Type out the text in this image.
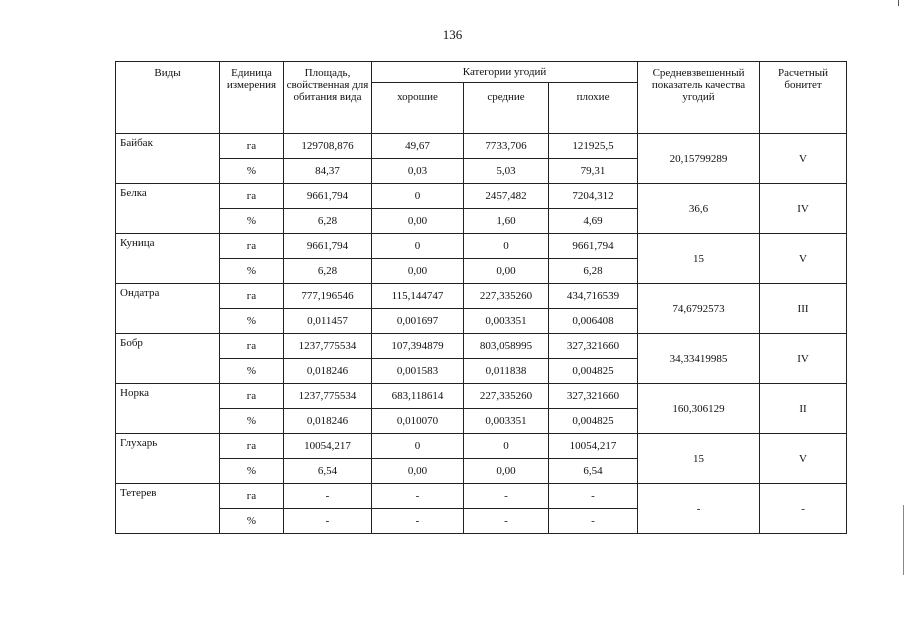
136
Виды	Единица измерения	Площадь, свойственная для обитания вида	Категории угодий			Средневзвешенный показатель качества угодий	Расчетный бонитет
			хорошие	средние	плохие		
Байбак	га	129708,876	49,67	7733,706	121925,5	20,15799289	V
	%	84,37	0,03	5,03	79,31		
Белка	га	9661,794	0	2457,482	7204,312	36,6	IV
	%	6,28	0,00	1,60	4,69		
Куница	га	9661,794	0	0	9661,794	15	V
	%	6,28	0,00	0,00	6,28		
Ондатра	га	777,196546	115,144747	227,335260	434,716539	74,6792573	III
	%	0,011457	0,001697	0,003351	0,006408		
Бобр	га	1237,775534	107,394879	803,058995	327,321660	34,33419985	IV
	%	0,018246	0,001583	0,011838	0,004825		
Норка	га	1237,775534	683,118614	227,335260	327,321660	160,306129	II
	%	0,018246	0,010070	0,003351	0,004825		
Глухарь	га	10054,217	0	0	10054,217	15	V
	%	6,54	0,00	0,00	6,54		
Тетерев	га	-	-	-	-	-	-
	%	-	-	-	-		
